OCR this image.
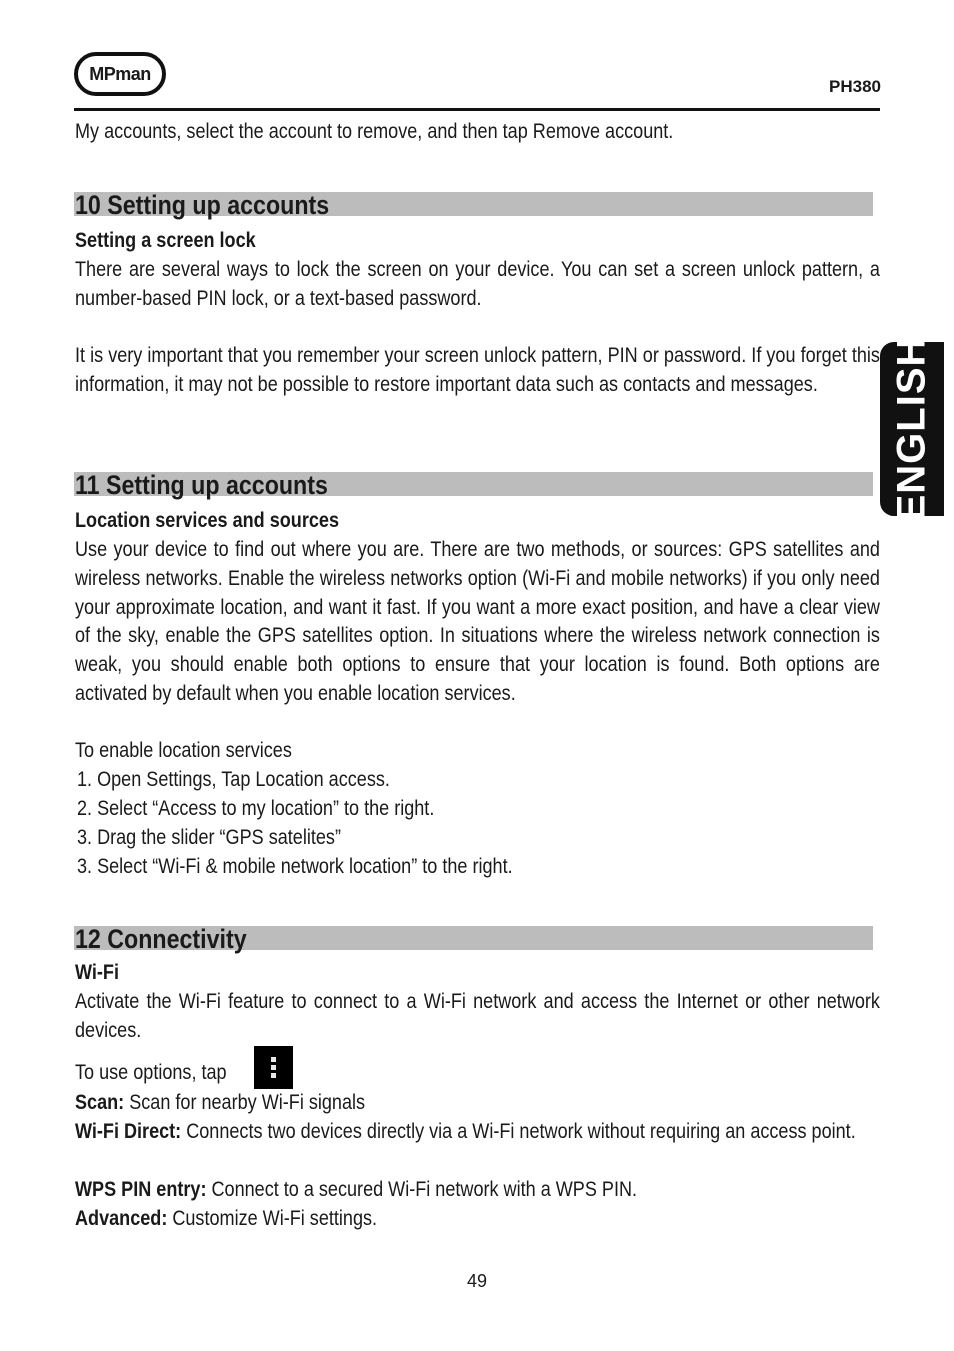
MPman
PH380
My accounts, select the account to remove, and then tap Remove account.
10 Setting up accounts
Setting a screen lock
There are several ways to lock the screen on your device. You can set a screen unlock pattern, a number-based PIN lock, or a text-based password.
It is very important that you remember your screen unlock pattern, PIN or password. If you forget this information, it may not be possible to restore important data such as contacts and messages.	ENGLISH
11 Setting up accounts
Location services and sources
Use your device to find out where you are. There are two methods, or sources: GPS satellites and wireless networks. Enable the wireless networks option (Wi-Fi and mobile networks) if you only need your approximate location, and want it fast. If you want a more exact position, and have a clear view of the sky, enable the GPS satellites option. In situations where the wireless network connection is weak, you should enable both options to ensure that your location is found. Both options are activated by default when you enable location services.
To enable location services
1. Open Settings, Tap Location access.
2. Select “Access to my location” to the right.
3. Drag the slider “GPS satelites”
3. Select “Wi-Fi & mobile network location” to the right.
12 Connectivity
Wi-Fi
Activate the Wi-Fi feature to connect to a Wi-Fi network and access the Internet or other network devices.
To use options, tap
Scan: Scan for nearby Wi-Fi signals
Wi-Fi Direct: Connects two devices directly via a Wi-Fi network without requiring an access point.
WPS PIN entry: Connect to a secured Wi-Fi network with a WPS PIN.
Advanced: Customize Wi-Fi settings.
49
